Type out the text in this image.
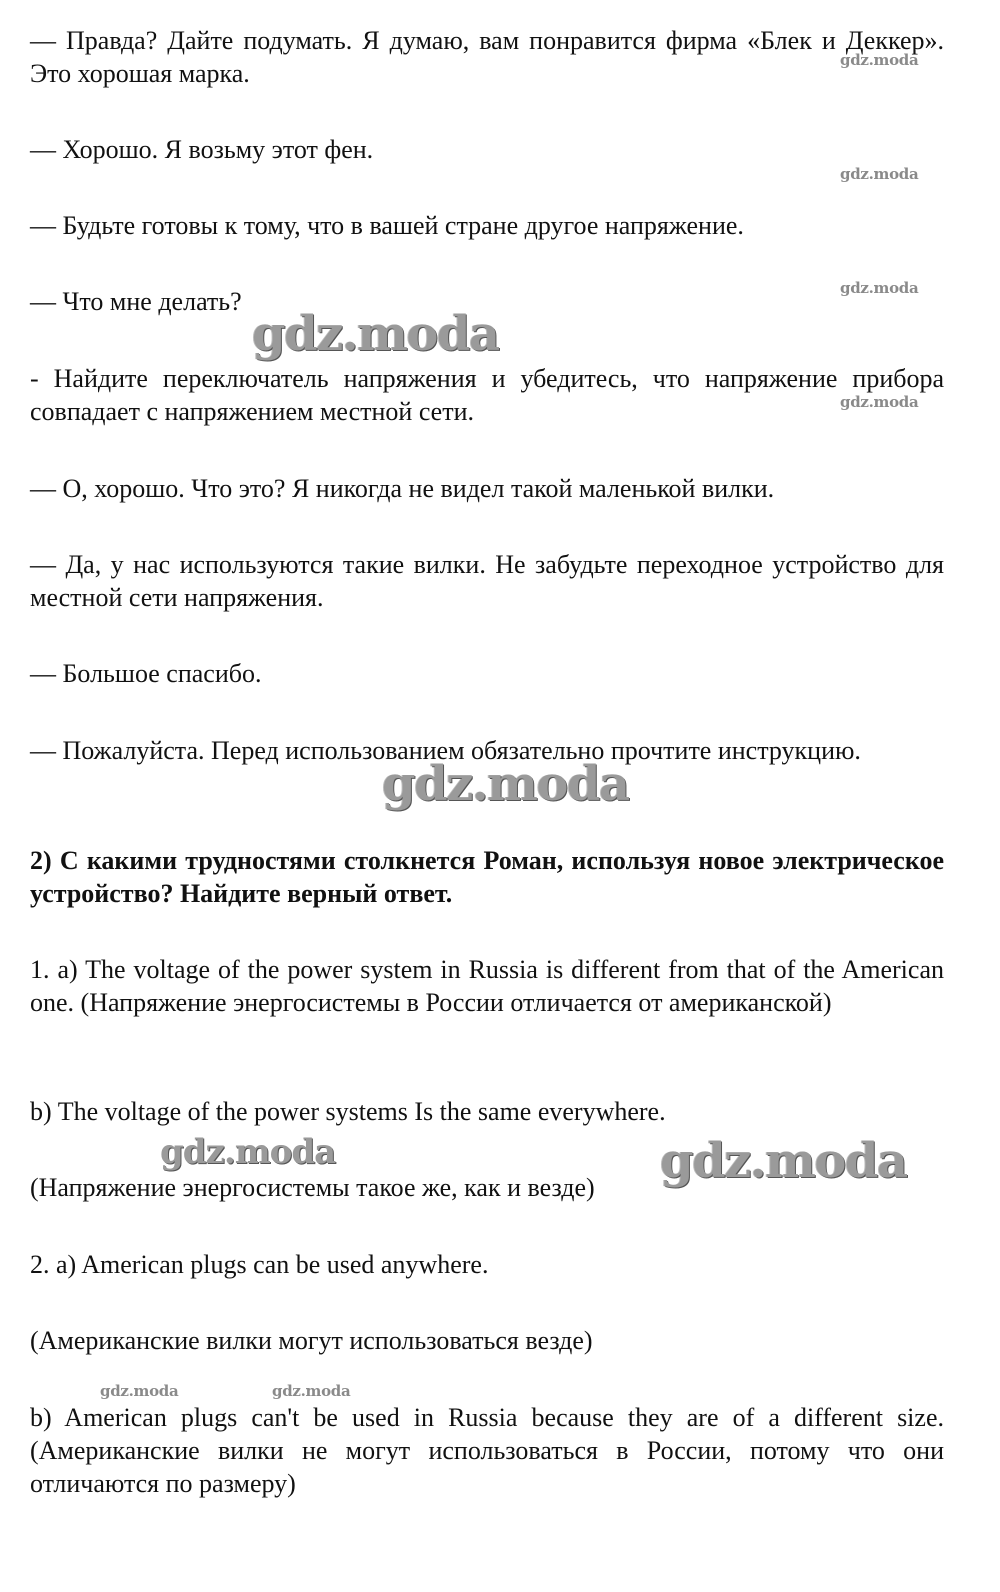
— Правда? Дайте подумать. Я думаю, вам понравится фирма «Блек и Деккер». Это хорошая марка.

— Хорошо. Я возьму этот фен.

— Будьте готовы к тому, что в вашей стране другое напряжение.

— Что мне делать?

- Найдите переключатель напряжения и убедитесь, что напряжение прибора совпадает с напряжением местной сети.

— О, хорошо. Что это? Я никогда не видел такой маленькой вилки.

— Да, у нас используются такие вилки. Не забудьте переходное устройство для местной сети напряжения.

— Большое спасибо.

— Пожалуйста. Перед использованием обязательно прочтите инструкцию.

2) С какими трудностями столкнется Роман, используя новое электрическое устройство? Найдите верный ответ.

1. a) The voltage of the power system in Russia is different from that of the American one. (Напряжение энергосистемы в России отличается от американской)

b) The voltage of the power systems Is the same everywhere.

(Напряжение энергосистемы такое же, как и везде)

2. a) American plugs can be used anywhere.

(Американские вилки могут использоваться везде)

b) American plugs can't be used in Russia because they are of a different size. (Американские вилки не могут использоваться в России, потому что они отличаются по размеру)

gdz.moda
gdz.moda
gdz.moda
gdz.moda
gdz.moda	gdz.moda
gdz.moda
gdz.moda
gdz.moda
gdz.moda
